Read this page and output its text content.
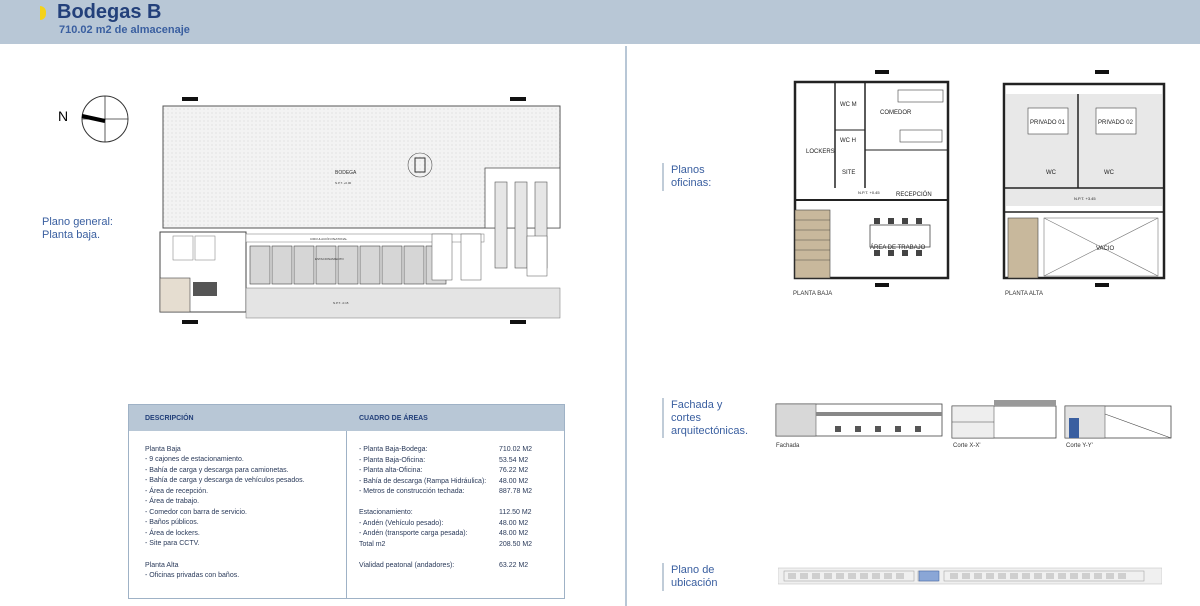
Bodegas B
710.02 m2 de almacenaje
N
Plano general:
Planta baja.
BODEGA
N.P.T. +0.00
CIRCULACIÓN PEATONAL
ESTACIONAMIENTO
N.P.T. -0.15
DESCRIPCIÓN	CUADRO DE ÁREAS
Planta Baja
- 9 cajones de estacionamiento.
- Bahía de carga y descarga para camionetas.
- Bahía de carga y descarga de vehículos pesados.
- Área de recepción.
- Área de trabajo.
- Comedor con barra de servicio.
- Baños públicos.
- Área de lockers.
- Site para CCTV.
Planta Alta
- Oficinas privadas con baños.
- Planta Baja-Bodega:	710.02 M2
- Planta Baja-Oficina:	53.54 M2
- Planta alta-Oficina:	76.22 M2
- Bahía de descarga (Rampa Hidráulica): 48.00 M2
- Metros de construcción techada:	887.78 M2
Estacionamiento:	112.50 M2
- Andén (Vehículo pesado):	48.00 M2
- Andén (transporte carga pesada):	48.00 M2
Total m2	208.50 M2
Vialidad peatonal (andadores):	63.22 M2
Planos
oficinas:
Fachada y
cortes
arquitectónicas.
Plano de
ubicación
WC M
COMEDOR
WC H
LOCKERS
SITE
N.P.T. +0.45	RECEPCIÓN
ÁREA DE TRABAJO
PLANTA BAJA
PRIVADO 01	PRIVADO 02
WC	WC
N.P.T. +3.45
VACIO
PLANTA ALTA
Fachada	Corte X-X'	Corte Y-Y'
